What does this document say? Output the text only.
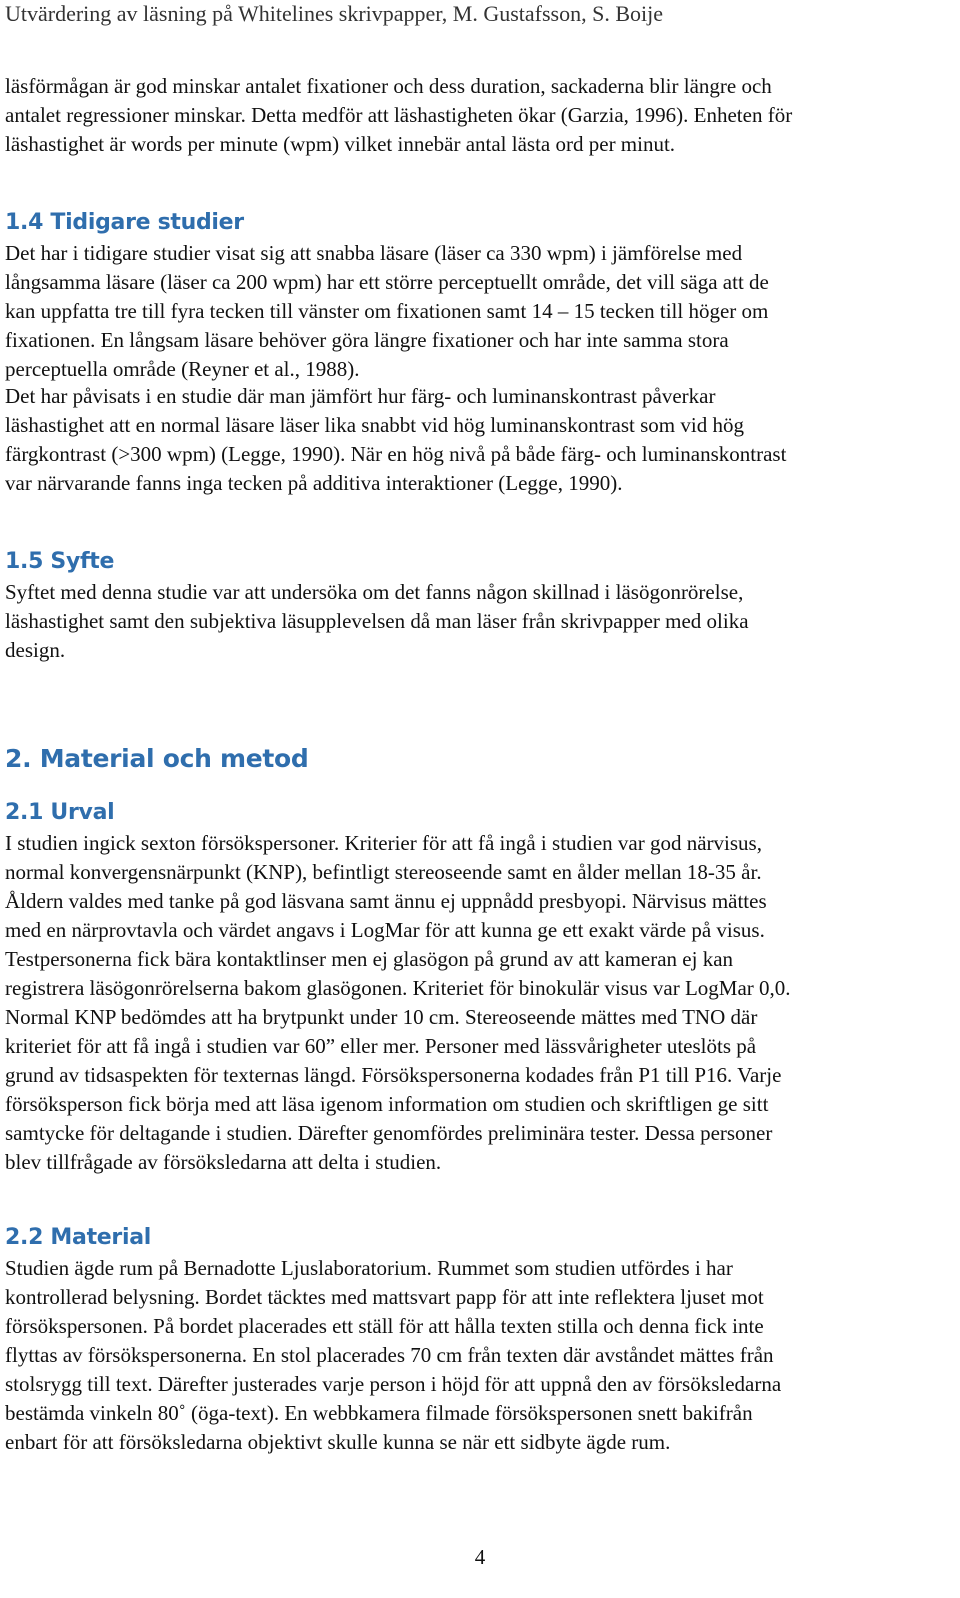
Utvärdering av läsning på Whitelines skrivpapper, M. Gustafsson, S. Boije
läsförmågan är god minskar antalet fixationer och dess duration, sackaderna blir längre och
antalet regressioner minskar. Detta medför att läshastigheten ökar (Garzia, 1996). Enheten för
läshastighet är words per minute (wpm) vilket innebär antal lästa ord per minut.
1.4 Tidigare studier
Det har i tidigare studier visat sig att snabba läsare (läser ca 330 wpm) i jämförelse med
långsamma läsare (läser ca 200 wpm) har ett större perceptuellt område, det vill säga att de
kan uppfatta tre till fyra tecken till vänster om fixationen samt 14 – 15 tecken till höger om
fixationen. En långsam läsare behöver göra längre fixationer och har inte samma stora
perceptuella område (Reyner et al., 1988).
Det har påvisats i en studie där man jämfört hur färg- och luminanskontrast påverkar
läshastighet att en normal läsare läser lika snabbt vid hög luminanskontrast som vid hög
färgkontrast (>300 wpm) (Legge, 1990). När en hög nivå på både färg- och luminanskontrast
var närvarande fanns inga tecken på additiva interaktioner (Legge, 1990).
1.5 Syfte
Syftet med denna studie var att undersöka om det fanns någon skillnad i läsögonrörelse,
läshastighet samt den subjektiva läsupplevelsen då man läser från skrivpapper med olika
design.
2. Material och metod
2.1 Urval
I studien ingick sexton försökspersoner. Kriterier för att få ingå i studien var god närvisus,
normal konvergensnärpunkt (KNP), befintligt stereoseende samt en ålder mellan 18-35 år.
Åldern valdes med tanke på god läsvana samt ännu ej uppnådd presbyopi. Närvisus mättes
med en närprovtavla och värdet angavs i LogMar för att kunna ge ett exakt värde på visus.
Testpersonerna fick bära kontaktlinser men ej glasögon på grund av att kameran ej kan
registrera läsögonrörelserna bakom glasögonen. Kriteriet för binokulär visus var LogMar 0,0.
Normal KNP bedömdes att ha brytpunkt under 10 cm. Stereoseende mättes med TNO där
kriteriet för att få ingå i studien var 60” eller mer. Personer med lässvårigheter uteslöts på
grund av tidsaspekten för texternas längd. Försökspersonerna kodades från P1 till P16. Varje
försöksperson fick börja med att läsa igenom information om studien och skriftligen ge sitt
samtycke för deltagande i studien. Därefter genomfördes preliminära tester. Dessa personer
blev tillfrågade av försöksledarna att delta i studien.
2.2 Material
Studien ägde rum på Bernadotte Ljuslaboratorium. Rummet som studien utfördes i har
kontrollerad belysning. Bordet täcktes med mattsvart papp för att inte reflektera ljuset mot
försökspersonen. På bordet placerades ett ställ för att hålla texten stilla och denna fick inte
flyttas av försökspersonerna. En stol placerades 70 cm från texten där avståndet mättes från
stolsrygg till text. Därefter justerades varje person i höjd för att uppnå den av försöksledarna
bestämda vinkeln 80˚ (öga-text). En webbkamera filmade försökspersonen snett bakifrån
enbart för att försöksledarna objektivt skulle kunna se när ett sidbyte ägde rum.
4
